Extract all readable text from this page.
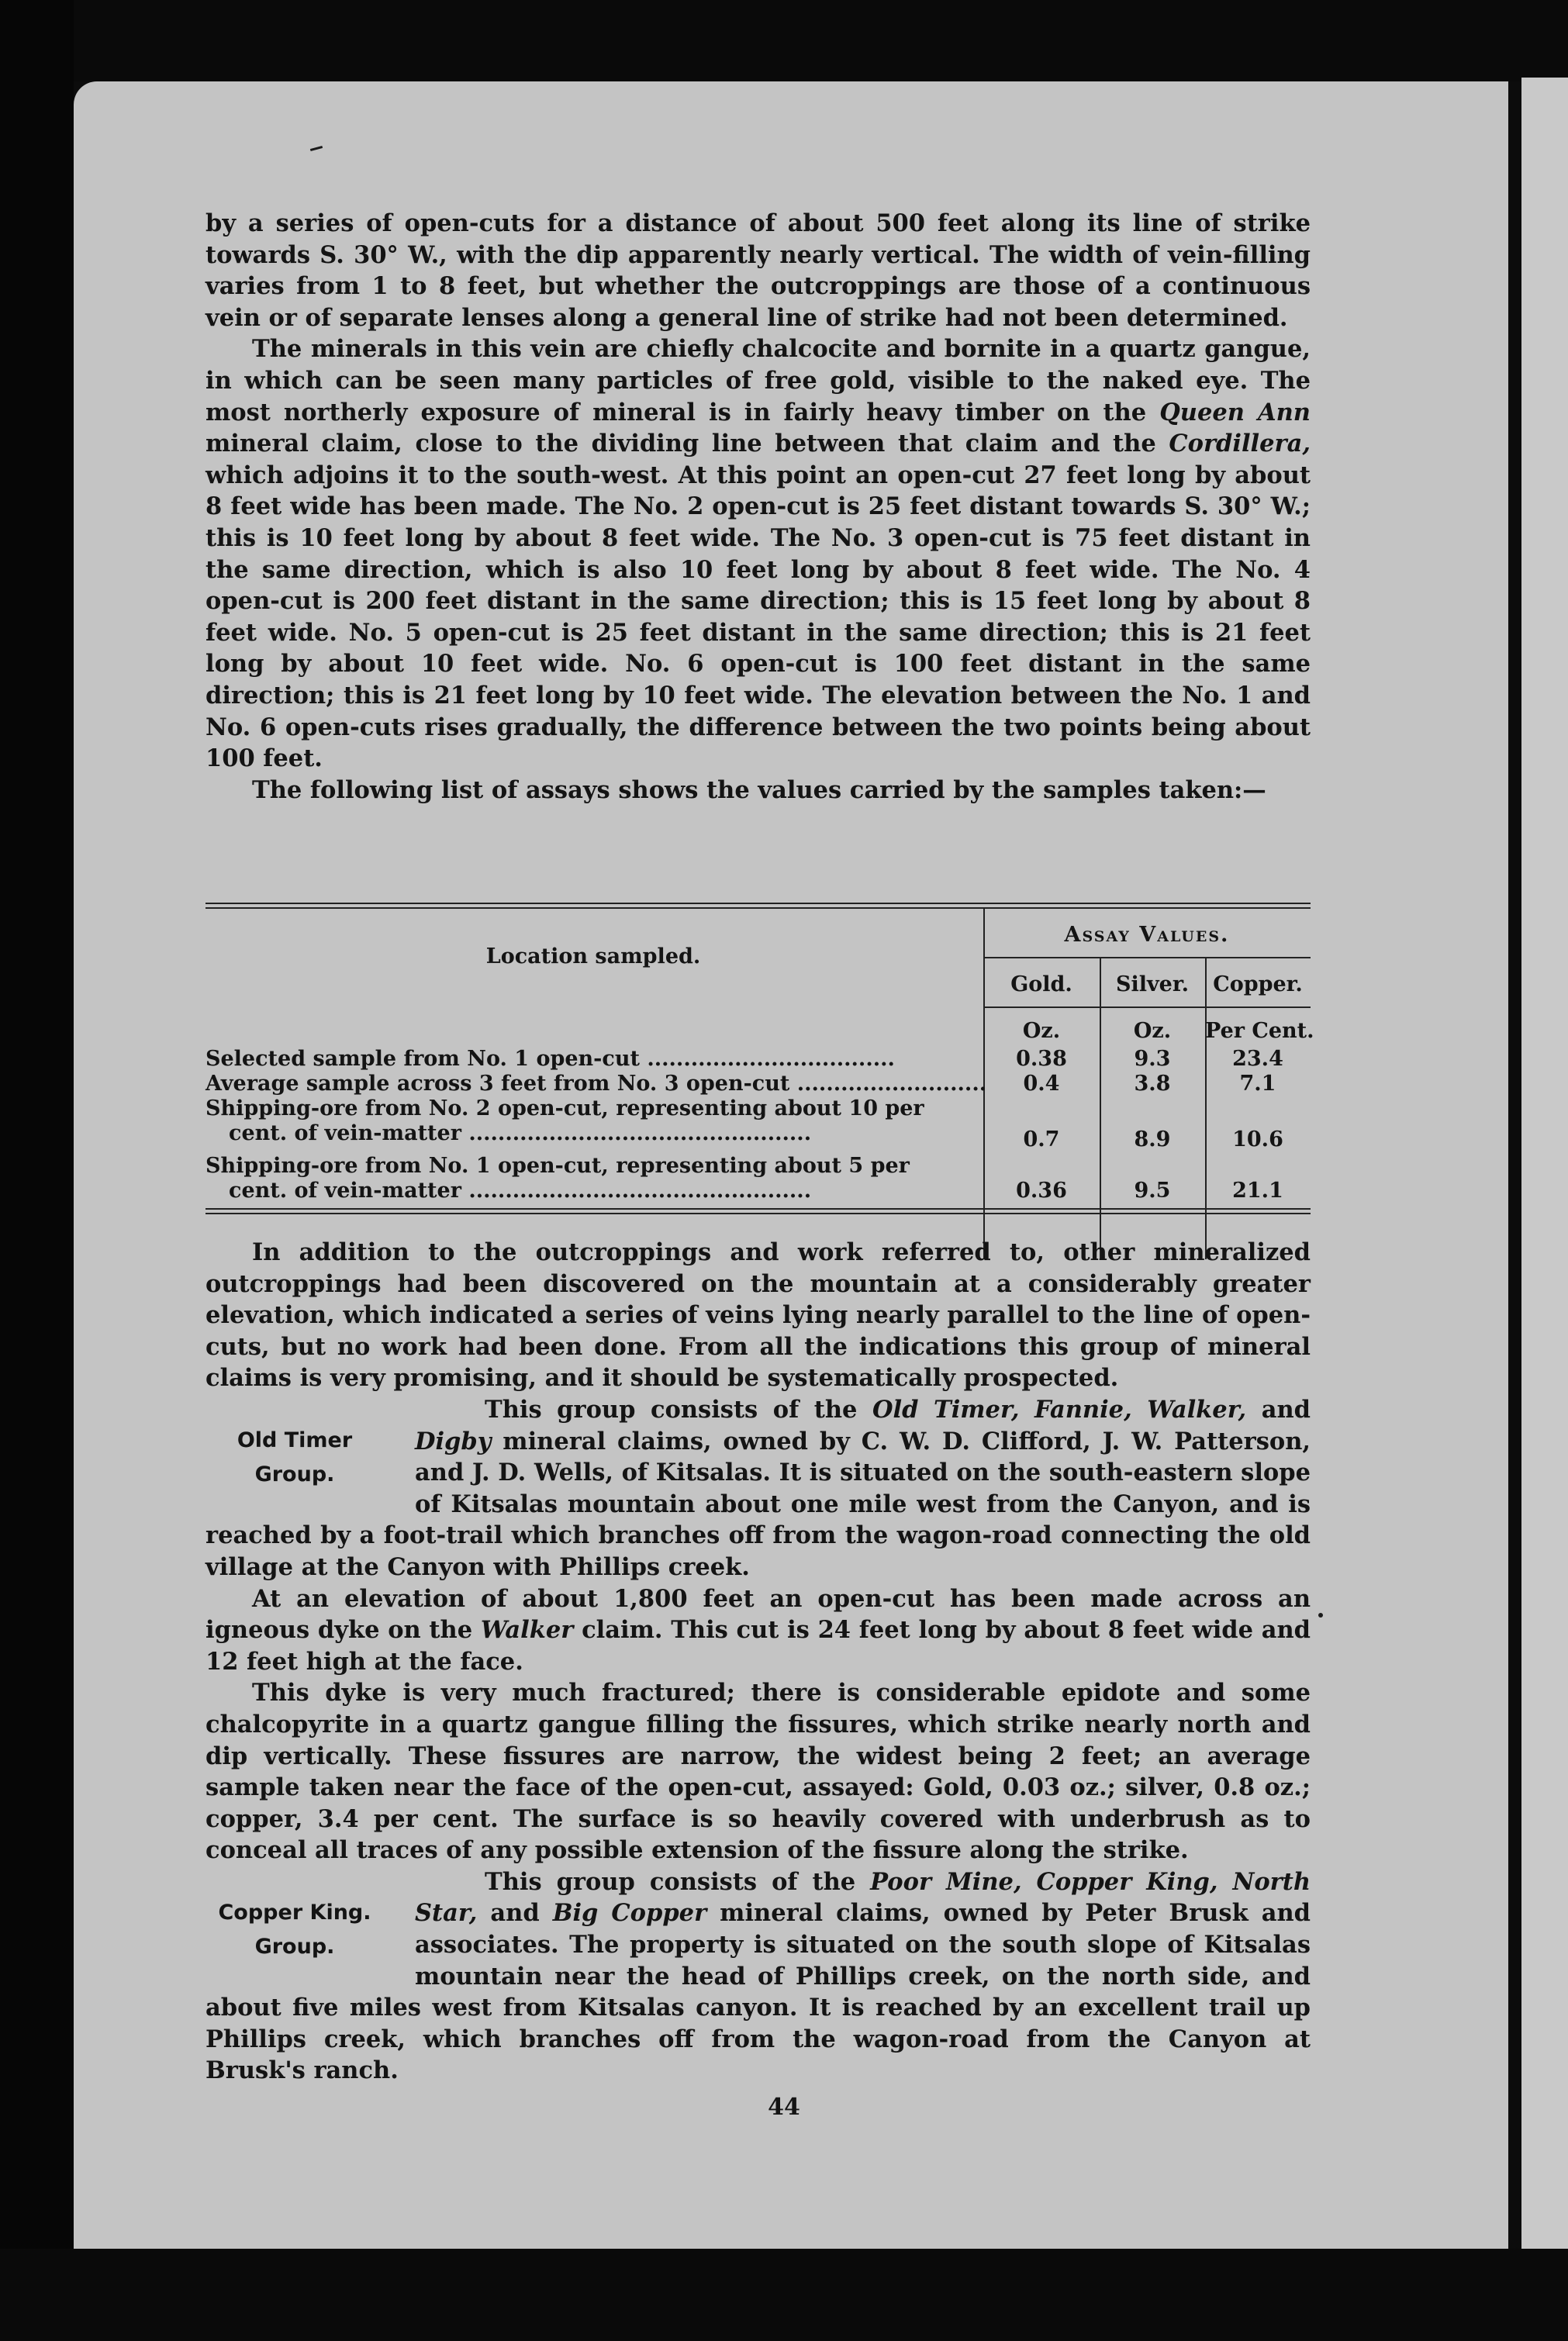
by a series of open-cuts for a distance of about 500 feet along its line of strike towards S. 30° W., with the dip apparently nearly vertical. The width of vein-filling varies from 1 to 8 feet, but whether the outcroppings are those of a continuous vein or of separate lenses along a general line of strike had not been determined.

The minerals in this vein are chiefly chalcocite and bornite in a quartz gangue, in which can be seen many particles of free gold, visible to the naked eye. The most northerly exposure of mineral is in fairly heavy timber on the Queen Ann mineral claim, close to the dividing line between that claim and the Cordillera, which adjoins it to the south-west. At this point an open-cut 27 feet long by about 8 feet wide has been made. The No. 2 open-cut is 25 feet distant towards S. 30° W.; this is 10 feet long by about 8 feet wide. The No. 3 open-cut is 75 feet distant in the same direction, which is also 10 feet long by about 8 feet wide. The No. 4 open-cut is 200 feet distant in the same direction; this is 15 feet long by about 8 feet wide. No. 5 open-cut is 25 feet distant in the same direction; this is 21 feet long by about 10 feet wide. No. 6 open-cut is 100 feet distant in the same direction; this is 21 feet long by 10 feet wide. The elevation between the No. 1 and No. 6 open-cuts rises gradually, the difference between the two points being about 100 feet.

The following list of assays shows the values carried by the samples taken:—

Location sampled.
Assay Values.
Gold.	Silver.	Copper.
Oz.	Oz.	Per Cent.
Selected sample from No. 1 open-cut ..................................	0.38	9.3	23.4
Average sample across 3 feet from No. 3 open-cut ..........................	0.4	3.8	7.1
Shipping-ore from No. 2 open-cut, representing about 10 per
cent. of vein-matter ...............................................	0.7	8.9	10.6
Shipping-ore from No. 1 open-cut, representing about 5 per
cent. of vein-matter ...............................................	0.36	9.5	21.1

In addition to the outcroppings and work referred to, other mineralized outcroppings had been discovered on the mountain at a considerably greater elevation, which indicated a series of veins lying nearly parallel to the line of open-cuts, but no work had been done. From all the indications this group of mineral claims is very promising, and it should be systematically prospected.

This group consists of the Old Timer, Fannie, Walker, and Digby mineral claims, owned by C. W. D. Clifford, J. W. Patterson, and J. D. Wells, of Kitsalas. It is situated on the south-eastern slope of Kitsalas mountain about one mile west from the Canyon, and is reached by a foot-trail which branches off from the wagon-road connecting the old village at the Canyon with Phillips creek.

At an elevation of about 1,800 feet an open-cut has been made across an igneous dyke on the Walker claim. This cut is 24 feet long by about 8 feet wide and 12 feet high at the face.

This dyke is very much fractured; there is considerable epidote and some chalcopyrite in a quartz gangue filling the fissures, which strike nearly north and dip vertically. These fissures are narrow, the widest being 2 feet; an average sample taken near the face of the open-cut, assayed: Gold, 0.03 oz.; silver, 0.8 oz.; copper, 3.4 per cent. The surface is so heavily covered with underbrush as to conceal all traces of any possible extension of the fissure along the strike.

This group consists of the Poor Mine, Copper King, North Star, and Big Copper mineral claims, owned by Peter Brusk and associates. The property is situated on the south slope of Kitsalas mountain near the head of Phillips creek, on the north side, and about five miles west from Kitsalas canyon. It is reached by an excellent trail up Phillips creek, which branches off from the wagon-road from the Canyon at Brusk's ranch.

Old Timer
Group.
Copper King.
Group.
44
